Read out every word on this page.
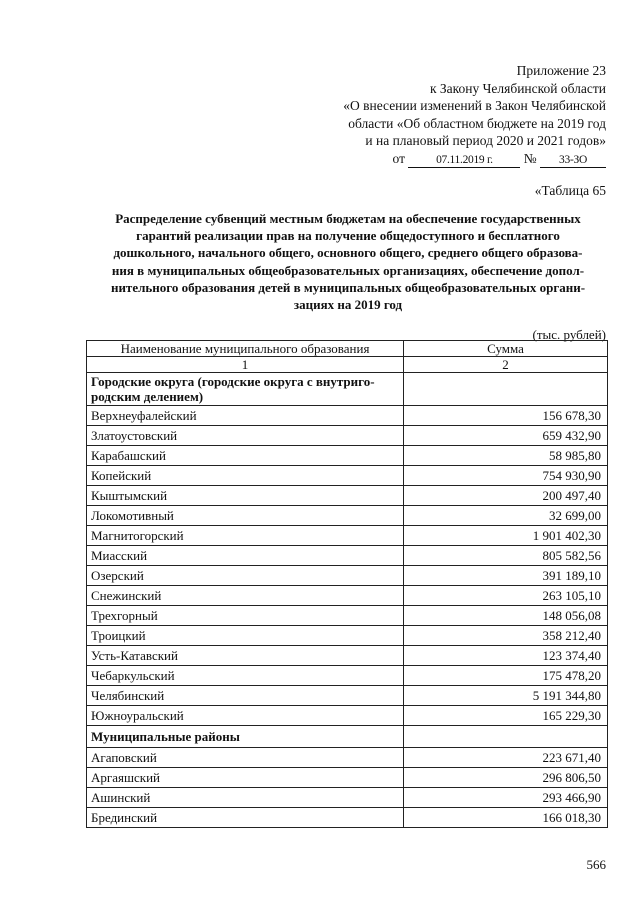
Приложение 23
к Закону Челябинской области
«О внесении изменений в Закон Челябинской
области «Об областном бюджете на 2019 год
и на плановый период 2020 и 2021 годов»
от	07.11.2019 г. № 33-ЗО
«Таблица 65
Распределение субвенций местным бюджетам на обеспечение государственных
гарантий реализации прав на получение общедоступного и бесплатного
дошкольного, начального общего, основного общего, среднего общего образова-
ния в муниципальных общеобразовательных организациях, обеспечение допол-
нительного образования детей в муниципальных общеобразовательных органи-
зациях на 2019 год
(тыс. рублей)
Наименование муниципального образования	Сумма
1	2
Городские округа (городские округа с внутриго-
родским делением)	
Верхнеуфалейский	156 678,30
Златоустовский	659 432,90
Карабашский	58 985,80
Копейский	754 930,90
Кыштымский	200 497,40
Локомотивный	32 699,00
Магнитогорский	1 901 402,30
Миасский	805 582,56
Озерский	391 189,10
Снежинский	263 105,10
Трехгорный	148 056,08
Троицкий	358 212,40
Усть-Катавский	123 374,40
Чебаркульский	175 478,20
Челябинский	5 191 344,80
Южноуральский	165 229,30
Муниципальные районы	
Агаповский	223 671,40
Аргаяшский	296 806,50
Ашинский	293 466,90
Брединский	166 018,30
566
